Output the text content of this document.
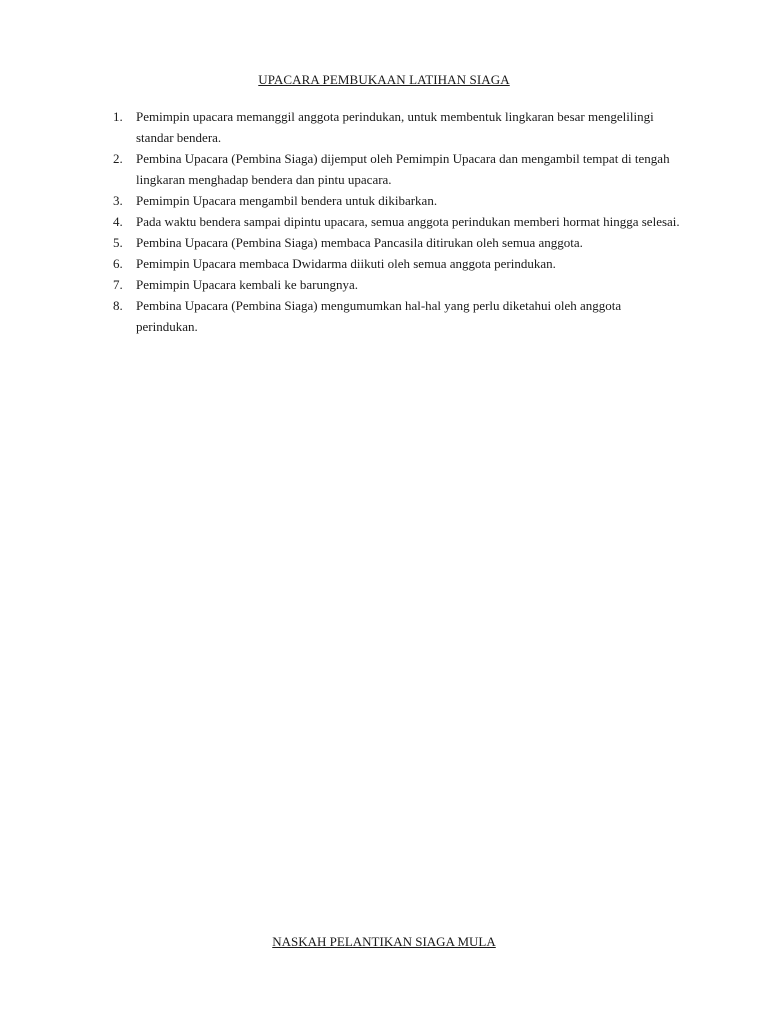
UPACARA PEMBUKAAN LATIHAN SIAGA
1.	Pemimpin upacara memanggil anggota perindukan, untuk membentuk lingkaran besar mengelilingi standar bendera.
2.	Pembina Upacara (Pembina Siaga) dijemput oleh Pemimpin Upacara dan mengambil tempat di tengah lingkaran menghadap bendera dan pintu upacara.
3.	Pemimpin Upacara mengambil bendera untuk dikibarkan.
4.	Pada waktu bendera sampai dipintu upacara, semua anggota perindukan memberi hormat hingga selesai.
5.	Pembina Upacara (Pembina Siaga) membaca Pancasila ditirukan oleh semua anggota.
6.	Pemimpin Upacara membaca Dwidarma diikuti oleh semua anggota perindukan.
7.	Pemimpin Upacara kembali ke barungnya.
8.	Pembina Upacara (Pembina Siaga) mengumumkan hal-hal yang perlu diketahui oleh anggota perindukan.
NASKAH PELANTIKAN SIAGA MULA
